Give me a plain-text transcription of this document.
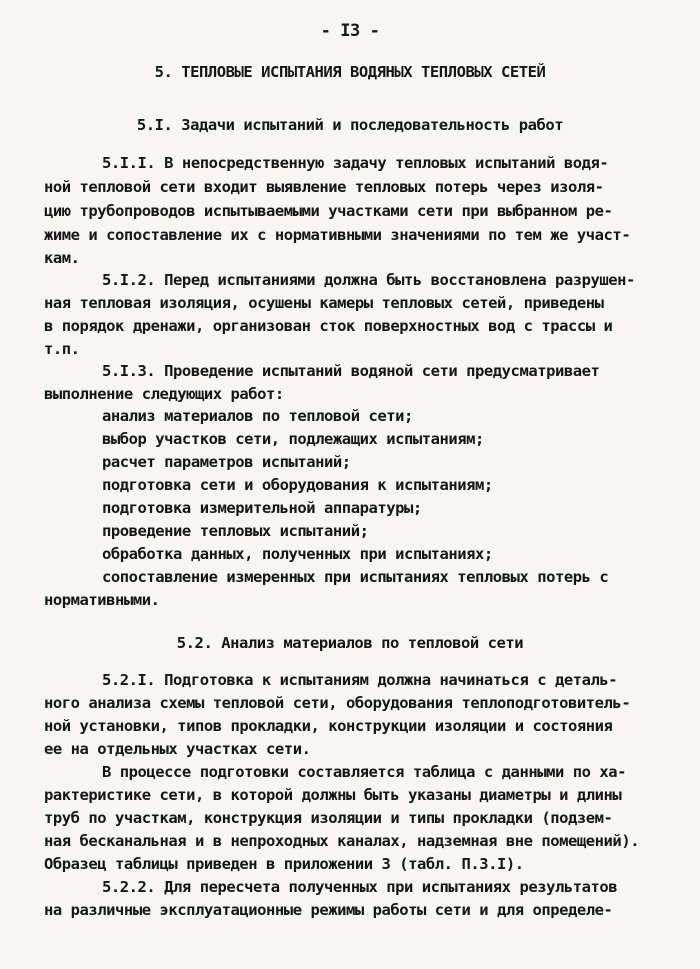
- I3 -
5. ТЕПЛОВЫЕ ИСПЫТАНИЯ ВОДЯНЫХ ТЕПЛОВЫХ СЕТЕЙ
5.I. Задачи испытаний и последовательность работ
5.I.I. В непосредственную задачу тепловых испытаний водя-
ной тепловой сети входит выявление тепловых потерь через изоля-
цию трубопроводов испытываемыми участками сети при выбранном ре-
жиме и сопоставление их с нормативными значениями по тем же участ-
кам.
5.I.2. Перед испытаниями должна быть восстановлена разрушен-
ная тепловая изоляция, осушены камеры тепловых сетей, приведены
в порядок дренажи, организован сток поверхностных вод с трассы и
т.п.
5.I.3. Проведение испытаний водяной сети предусматривает
выполнение следующих работ:
анализ материалов по тепловой сети;
выбор участков сети, подлежащих испытаниям;
расчет параметров испытаний;
подготовка сети и оборудования к испытаниям;
подготовка измерительной аппаратуры;
проведение тепловых испытаний;
обработка данных, полученных при испытаниях;
сопоставление измеренных при испытаниях тепловых потерь с
нормативными.
5.2. Анализ материалов по тепловой сети
5.2.I. Подготовка к испытаниям должна начинаться с деталь-
ного анализа схемы тепловой сети, оборудования теплоподготовитель-
ной установки, типов прокладки, конструкции изоляции и состояния
ее на отдельных участках сети.
В процессе подготовки составляется таблица с данными по ха-
рактеристике сети, в которой должны быть указаны диаметры и длины
труб по участкам, конструкция изоляции и типы прокладки (подзем-
ная бесканальная и в непроходных каналах, надземная вне помещений).
Образец таблицы приведен в приложении 3 (табл. П.3.I).
5.2.2. Для пересчета полученных при испытаниях результатов
на различные эксплуатационные режимы работы сети и для определе-
